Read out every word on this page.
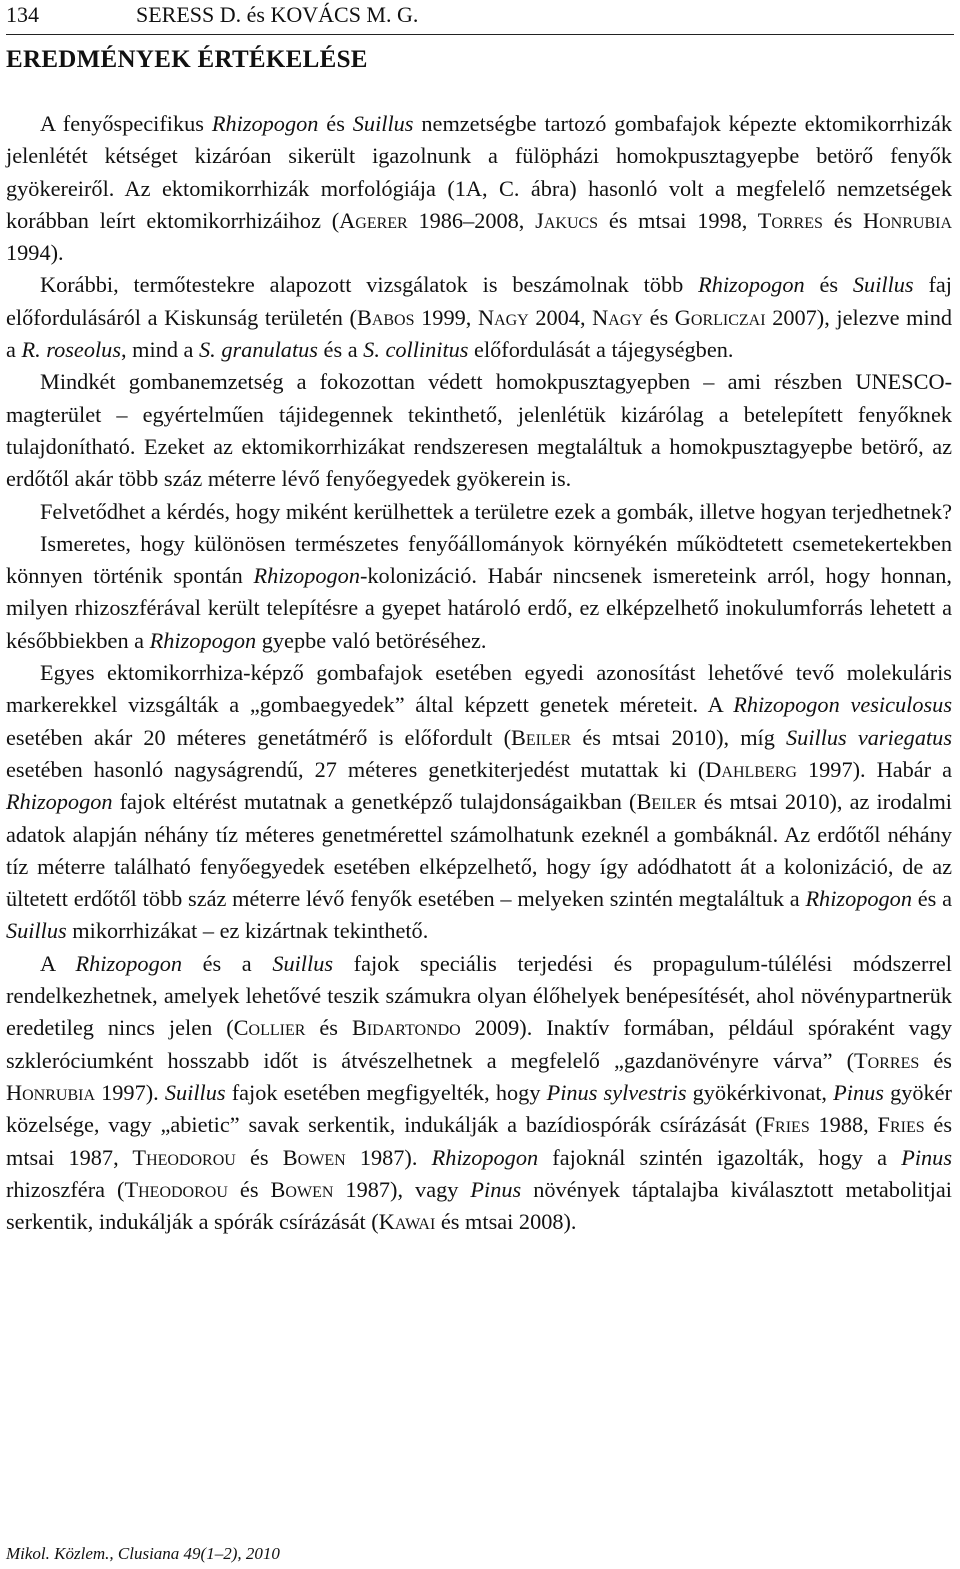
134	SERESS D. és KOVÁCS M. G.
EREDMÉNYEK ÉRTÉKELÉSE

A fenyőspecifikus Rhizopogon és Suillus nemzetségbe tartozó gombafajok képezte ektomikorrhizák jelenlétét kétséget kizáróan sikerült igazolnunk a fülöpházi homokpusztagyepbe betörő fenyők gyökereiről. Az ektomikorrhizák morfológiája (1A, C. ábra) hasonló volt a megfelelő nemzetségek korábban leírt ektomikorrhizáihoz (Agerer 1986–2008, Jakucs és mtsai 1998, Torres és Honrubia 1994).

Korábbi, termőtestekre alapozott vizsgálatok is beszámolnak több Rhizopogon és Suillus faj előfordulásáról a Kiskunság területén (Babos 1999, Nagy 2004, Nagy és Gorliczai 2007), jelezve mind a R. roseolus, mind a S. granulatus és a S. collinitus előfordulását a tájegységben.

Mindkét gombanemzetség a fokozottan védett homokpusztagyepben – ami részben UNESCO-magterület – egyértelműen tájidegennek tekinthető, jelenlétük kizárólag a betelepített fenyőknek tulajdonítható. Ezeket az ektomikorrhizákat rendszeresen megtaláltuk a homokpusztagyepbe betörő, az erdőtől akár több száz méterre lévő fenyőegyedek gyökerein is.

Felvetődhet a kérdés, hogy miként kerülhettek a területre ezek a gombák, illetve hogyan terjedhetnek?

Ismeretes, hogy különösen természetes fenyőállományok környékén működtetett csemetekertekben könnyen történik spontán Rhizopogon-kolonizáció. Habár nincsenek ismereteink arról, hogy honnan, milyen rhizoszférával került telepítésre a gyepet határoló erdő, ez elképzelhető inokulumforrás lehetett a későbbiekben a Rhizopogon gyepbe való betöréséhez.

Egyes ektomikorrhiza-képző gombafajok esetében egyedi azonosítást lehetővé tevő molekuláris markerekkel vizsgálták a „gombaegyedek” által képzett genetek méreteit. A Rhizopogon vesiculosus esetében akár 20 méteres genetátmérő is előfordult (Beiler és mtsai 2010), míg Suillus variegatus esetében hasonló nagyságrendű, 27 méteres genetkiterjedést mutattak ki (Dahlberg 1997). Habár a Rhizopogon fajok eltérést mutatnak a genetképző tulajdonságaikban (Beiler és mtsai 2010), az irodalmi adatok alapján néhány tíz méteres genetmérettel számolhatunk ezeknél a gombáknál. Az erdőtől néhány tíz méterre található fenyőegyedek esetében elképzelhető, hogy így adódhatott át a kolonizáció, de az ültetett erdőtől több száz méterre lévő fenyők esetében – melyeken szintén megtaláltuk a Rhizopogon és a Suillus mikorrhizákat – ez kizártnak tekinthető.

A Rhizopogon és a Suillus fajok speciális terjedési és propagulum-túlélési módszerrel rendelkezhetnek, amelyek lehetővé teszik számukra olyan élőhelyek benépesítését, ahol növénypartnerük eredetileg nincs jelen (Collier és Bidartondo 2009). Inaktív formában, például spóraként vagy szkleróciumként hosszabb időt is átvészelhetnek a megfelelő „gazdanövényre várva” (Torres és Honrubia 1997). Suillus fajok esetében megfigyelték, hogy Pinus sylvestris gyökérkivonat, Pinus gyökér közelsége, vagy „abietic” savak serkentik, indukálják a bazídiospórák csírázását (Fries 1988, Fries és mtsai 1987, Theodorou és Bowen 1987). Rhizopogon fajoknál szintén igazolták, hogy a Pinus rhizoszféra (Theodorou és Bowen 1987), vagy Pinus növények táptalajba kiválasztott metabolitjai serkentik, indukálják a spórák csírázását (Kawai és mtsai 2008).

Mikol. Közlem., Clusiana 49(1–2), 2010
